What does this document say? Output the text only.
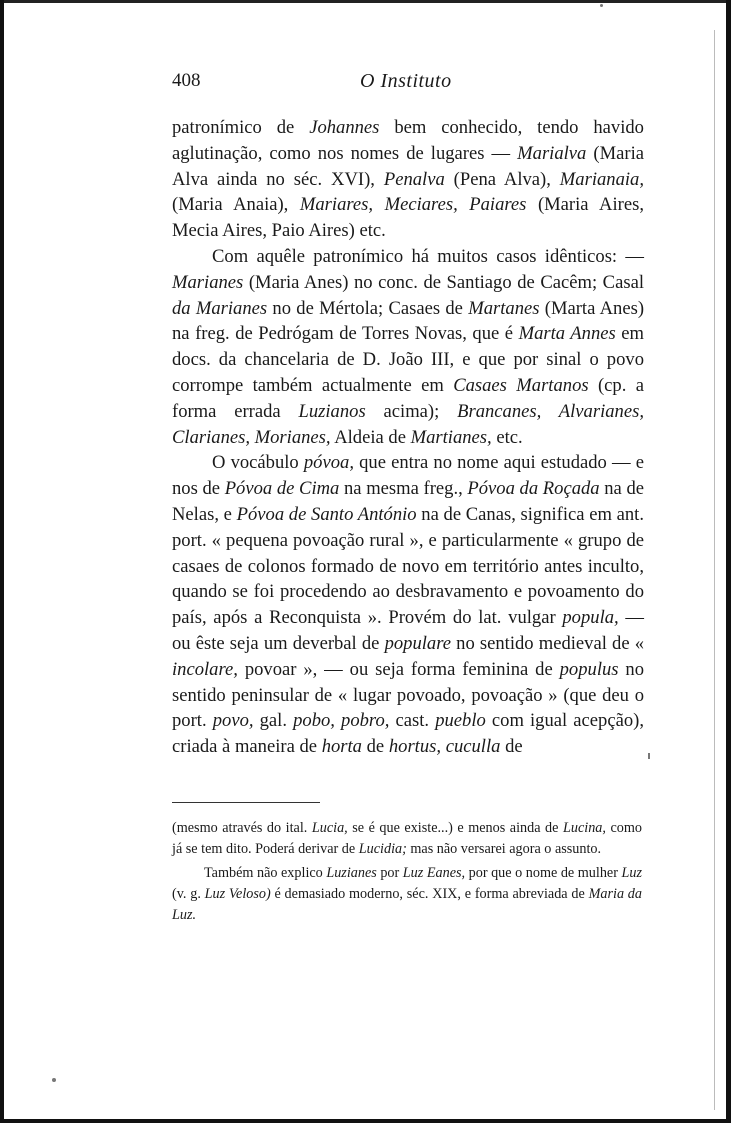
408	O Instituto

patronímico de Johannes bem conhecido, tendo havido aglutinação, como nos nomes de lugares — Marialva (Maria Alva ainda no séc. XVI), Penalva (Pena Alva), Marianaia, (Maria Anaia), Mariares, Meciares, Paiares (Maria Aires, Mecia Aires, Paio Aires) etc.

Com aquêle patronímico há muitos casos idênticos: — Marianes (Maria Anes) no conc. de Santiago de Cacêm; Casal da Marianes no de Mértola; Casaes de Martanes (Marta Anes) na freg. de Pedrógam de Torres Novas, que é Marta Annes em docs. da chancelaria de D. João III, e que por sinal o povo corrompe também actualmente em Casaes Martanos (cp. a forma errada Luzianos acima); Brancanes, Alvarianes, Clarianes, Morianes, Aldeia de Martianes, etc.

O vocábulo póvoa, que entra no nome aqui estudado — e nos de Póvoa de Cima na mesma freg., Póvoa da Roçada na de Nelas, e Póvoa de Santo António na de Canas, significa em ant. port. « pequena povoação rural », e particularmente « grupo de casaes de colonos formado de novo em território antes inculto, quando se foi procedendo ao desbravamento e povoamento do país, após a Reconquista ». Provém do lat. vulgar popula, — ou êste seja um deverbal de populare no sentido medieval de « incolare, povoar », — ou seja forma feminina de populus no sentido peninsular de « lugar povoado, povoação » (que deu o port. povo, gal. pobo, pobro, cast. pueblo com igual acepção), criada à maneira de horta de hortus, cuculla de

(mesmo através do ital. Lucia, se é que existe...) e menos ainda de Lucina, como já se tem dito. Poderá derivar de Lucidia; mas não versarei agora o assunto.

Também não explico Luzianes por Luz Eanes, por que o nome de mulher Luz (v. g. Luz Veloso) é demasiado moderno, séc. XIX, e forma abreviada de Maria da Luz.
